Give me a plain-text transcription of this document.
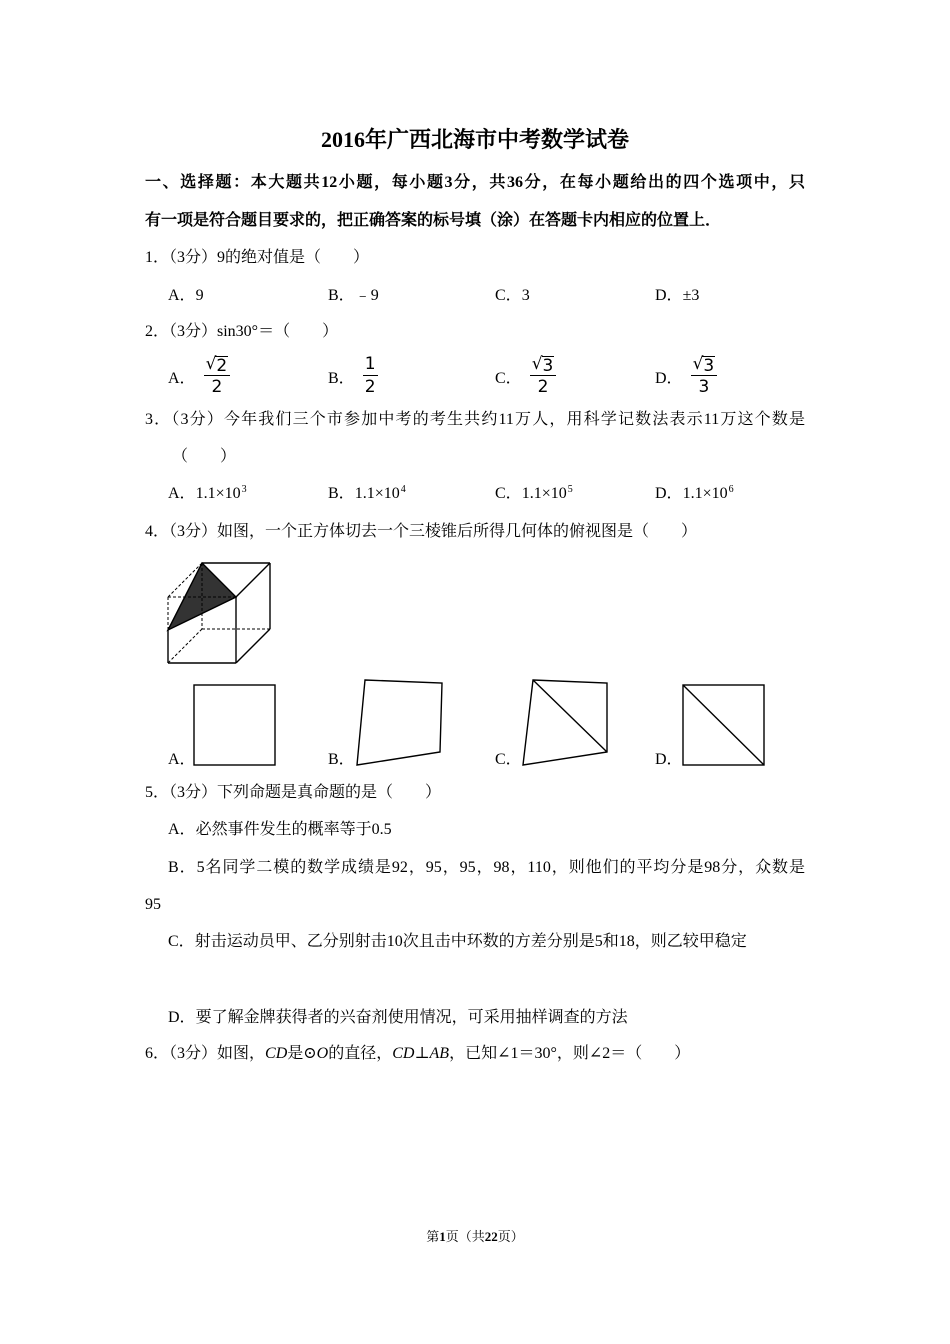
2016年广西北海市中考数学试卷
一、选择题：本大题共12小题，每小题3分，共36分，在每小题给出的四个选项中，只
有一项是符合题目要求的，把正确答案的标号填（涂）在答题卡内相应的位置上．
1．（3分）9的绝对值是（　　）
A．9	B．﹣9	C．3	D．±3
2．（3分）sin30°＝（　　）
A． $\frac{√ 2}{2}$	B． $\frac{1}{2}$	C． $\frac{√ 3}{2}$	D． $\frac{√ 3}{3}$
3．（3分）今年我们三个市参加中考的考生共约11万人，用科学记数法表示11万这个数是
（　　）
A．$1.1\times 10^3$	B．$1.1\times 10^4$	C．$1.1\times 10^5$	D．$1.1\times 10^6$
4．（3分）如图，一个正方体切去一个三棱锥后所得几何体的俯视图是（　　）
A．	B．	C．	D．
5．（3分）下列命题是真命题的是（　　）
A．必然事件发生的概率等于0.5
B．5名同学二模的数学成绩是92，95，95，98，110，则他们的平均分是98分，众数是
95
C．射击运动员甲、乙分别射击10次且击中环数的方差分别是5和18，则乙较甲稳定
D．要了解金牌获得者的兴奋剂使用情况，可采用抽样调查的方法
6．（3分）如图，CD是⊙O的直径，CD⊥AB，已知∠1＝30°，则∠2＝（　　）
第1页（共22页）
